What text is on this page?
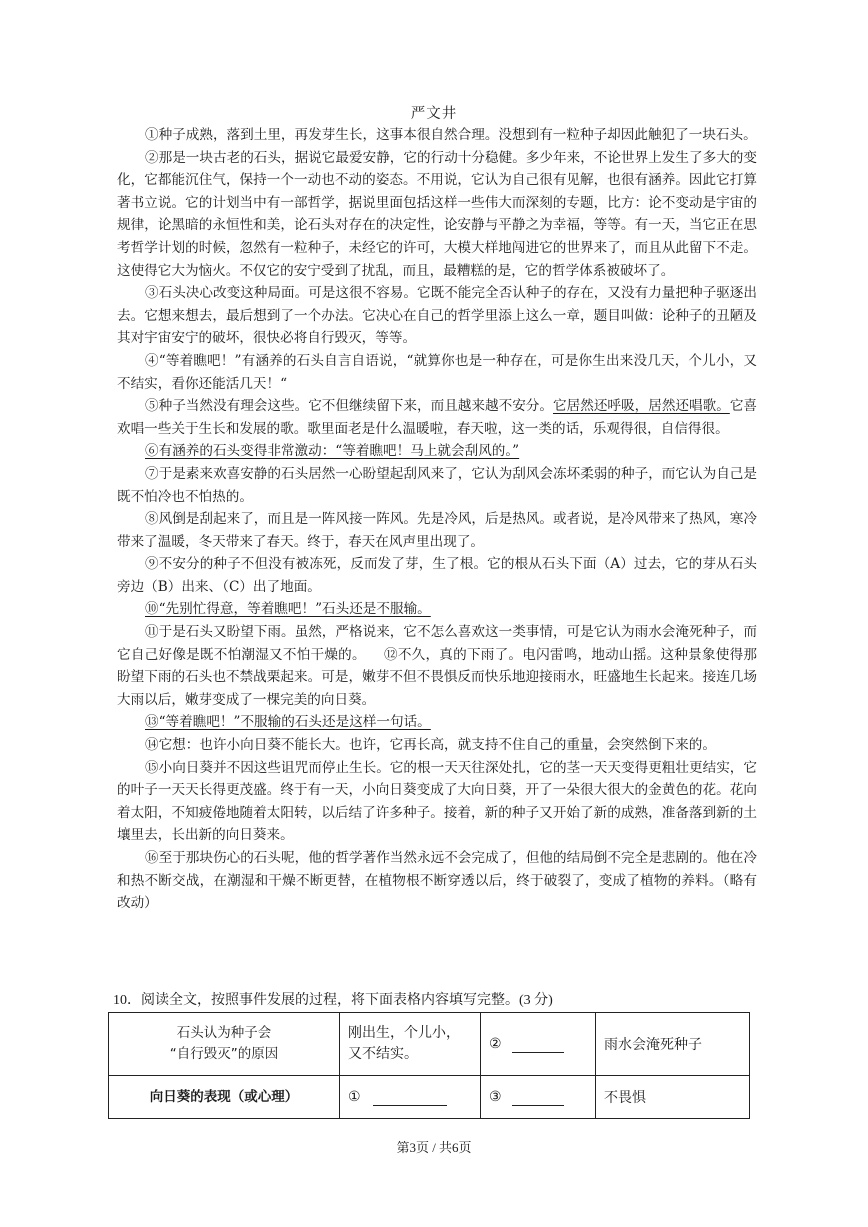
严文井

①种子成熟，落到土里，再发芽生长，这事本很自然合理。没想到有一粒种子却因此触犯了一块石头。

②那是一块古老的石头，据说它最爱安静，它的行动十分稳健。多少年来，不论世界上发生了多大的变化，它都能沉住气，保持一个一动也不动的姿态。不用说，它认为自己很有见解，也很有涵养。因此它打算著书立说。它的计划当中有一部哲学，据说里面包括这样一些伟大而深刻的专题，比方：论不变动是宇宙的规律，论黑暗的永恒性和美，论石头对存在的决定性，论安静与平静之为幸福，等等。有一天，当它正在思考哲学计划的时候，忽然有一粒种子，未经它的许可，大模大样地闯进它的世界来了，而且从此留下不走。这使得它大为恼火。不仅它的安宁受到了扰乱，而且，最糟糕的是，它的哲学体系被破坏了。

③石头决心改变这种局面。可是这很不容易。它既不能完全否认种子的存在，又没有力量把种子驱逐出去。它想来想去，最后想到了一个办法。它决心在自己的哲学里添上这么一章，题目叫做：论种子的丑陋及其对宇宙安宁的破坏，很快必将自行毁灭，等等。

④“等着瞧吧！”有涵养的石头自言自语说，“就算你也是一种存在，可是你生出来没几天，个儿小，又不结实，看你还能活几天！“

⑤种子当然没有理会这些。它不但继续留下来，而且越来越不安分。它居然还呼吸，居然还唱歌。它喜欢唱一些关于生长和发展的歌。歌里面老是什么温暖啦，春天啦，这一类的话，乐观得很，自信得很。

⑥有涵养的石头变得非常激动：“等着瞧吧！马上就会刮风的。”

⑦于是素来欢喜安静的石头居然一心盼望起刮风来了，它认为刮风会冻坏柔弱的种子，而它认为自己是既不怕冷也不怕热的。

⑧风倒是刮起来了，而且是一阵风接一阵风。先是冷风，后是热风。或者说，是冷风带来了热风，寒冷带来了温暖，冬天带来了春天。终于，春天在风声里出现了。

⑨不安分的种子不但没有被冻死，反而发了芽，生了根。它的根从石头下面（A）过去，它的芽从石头旁边（B）出来、（C）出了地面。

⑩“先别忙得意，等着瞧吧！”石头还是不服输。

⑪于是石头又盼望下雨。虽然，严格说来，它不怎么喜欢这一类事情，可是它认为雨水会淹死种子，而它自己好像是既不怕潮湿又不怕干燥的。 ⑫不久，真的下雨了。电闪雷鸣，地动山摇。这种景象使得那盼望下雨的石头也不禁战栗起来。可是，嫩芽不但不畏惧反而快乐地迎接雨水，旺盛地生长起来。接连几场大雨以后，嫩芽变成了一棵完美的向日葵。

⑬“等着瞧吧！”不服输的石头还是这样一句话。

⑭它想：也许小向日葵不能长大。也许，它再长高，就支持不住自己的重量，会突然倒下来的。

⑮小向日葵并不因这些诅咒而停止生长。它的根一天天往深处扎，它的茎一天天变得更粗壮更结实，它的叶子一天天长得更茂盛。终于有一天，小向日葵变成了大向日葵，开了一朵很大很大的金黄色的花。花向着太阳，不知疲倦地随着太阳转，以后结了许多种子。接着，新的种子又开始了新的成熟，准备落到新的土壤里去，长出新的向日葵来。

⑯至于那块伤心的石头呢，他的哲学著作当然永远不会完成了，但他的结局倒不完全是悲剧的。他在冷和热不断交战，在潮湿和干燥不断更替，在植物根不断穿透以后，终于破裂了，变成了植物的养料。（略有改动）

10．阅读全文，按照事件发展的过程，将下面表格内容填写完整。(3 分)
石头认为种子会
“自行毁灭”的原因	刚出生，个儿小，又不结实。	②	雨水会淹死种子
向日葵的表现（或心理）	①	③	不畏惧
第3页 / 共6页
